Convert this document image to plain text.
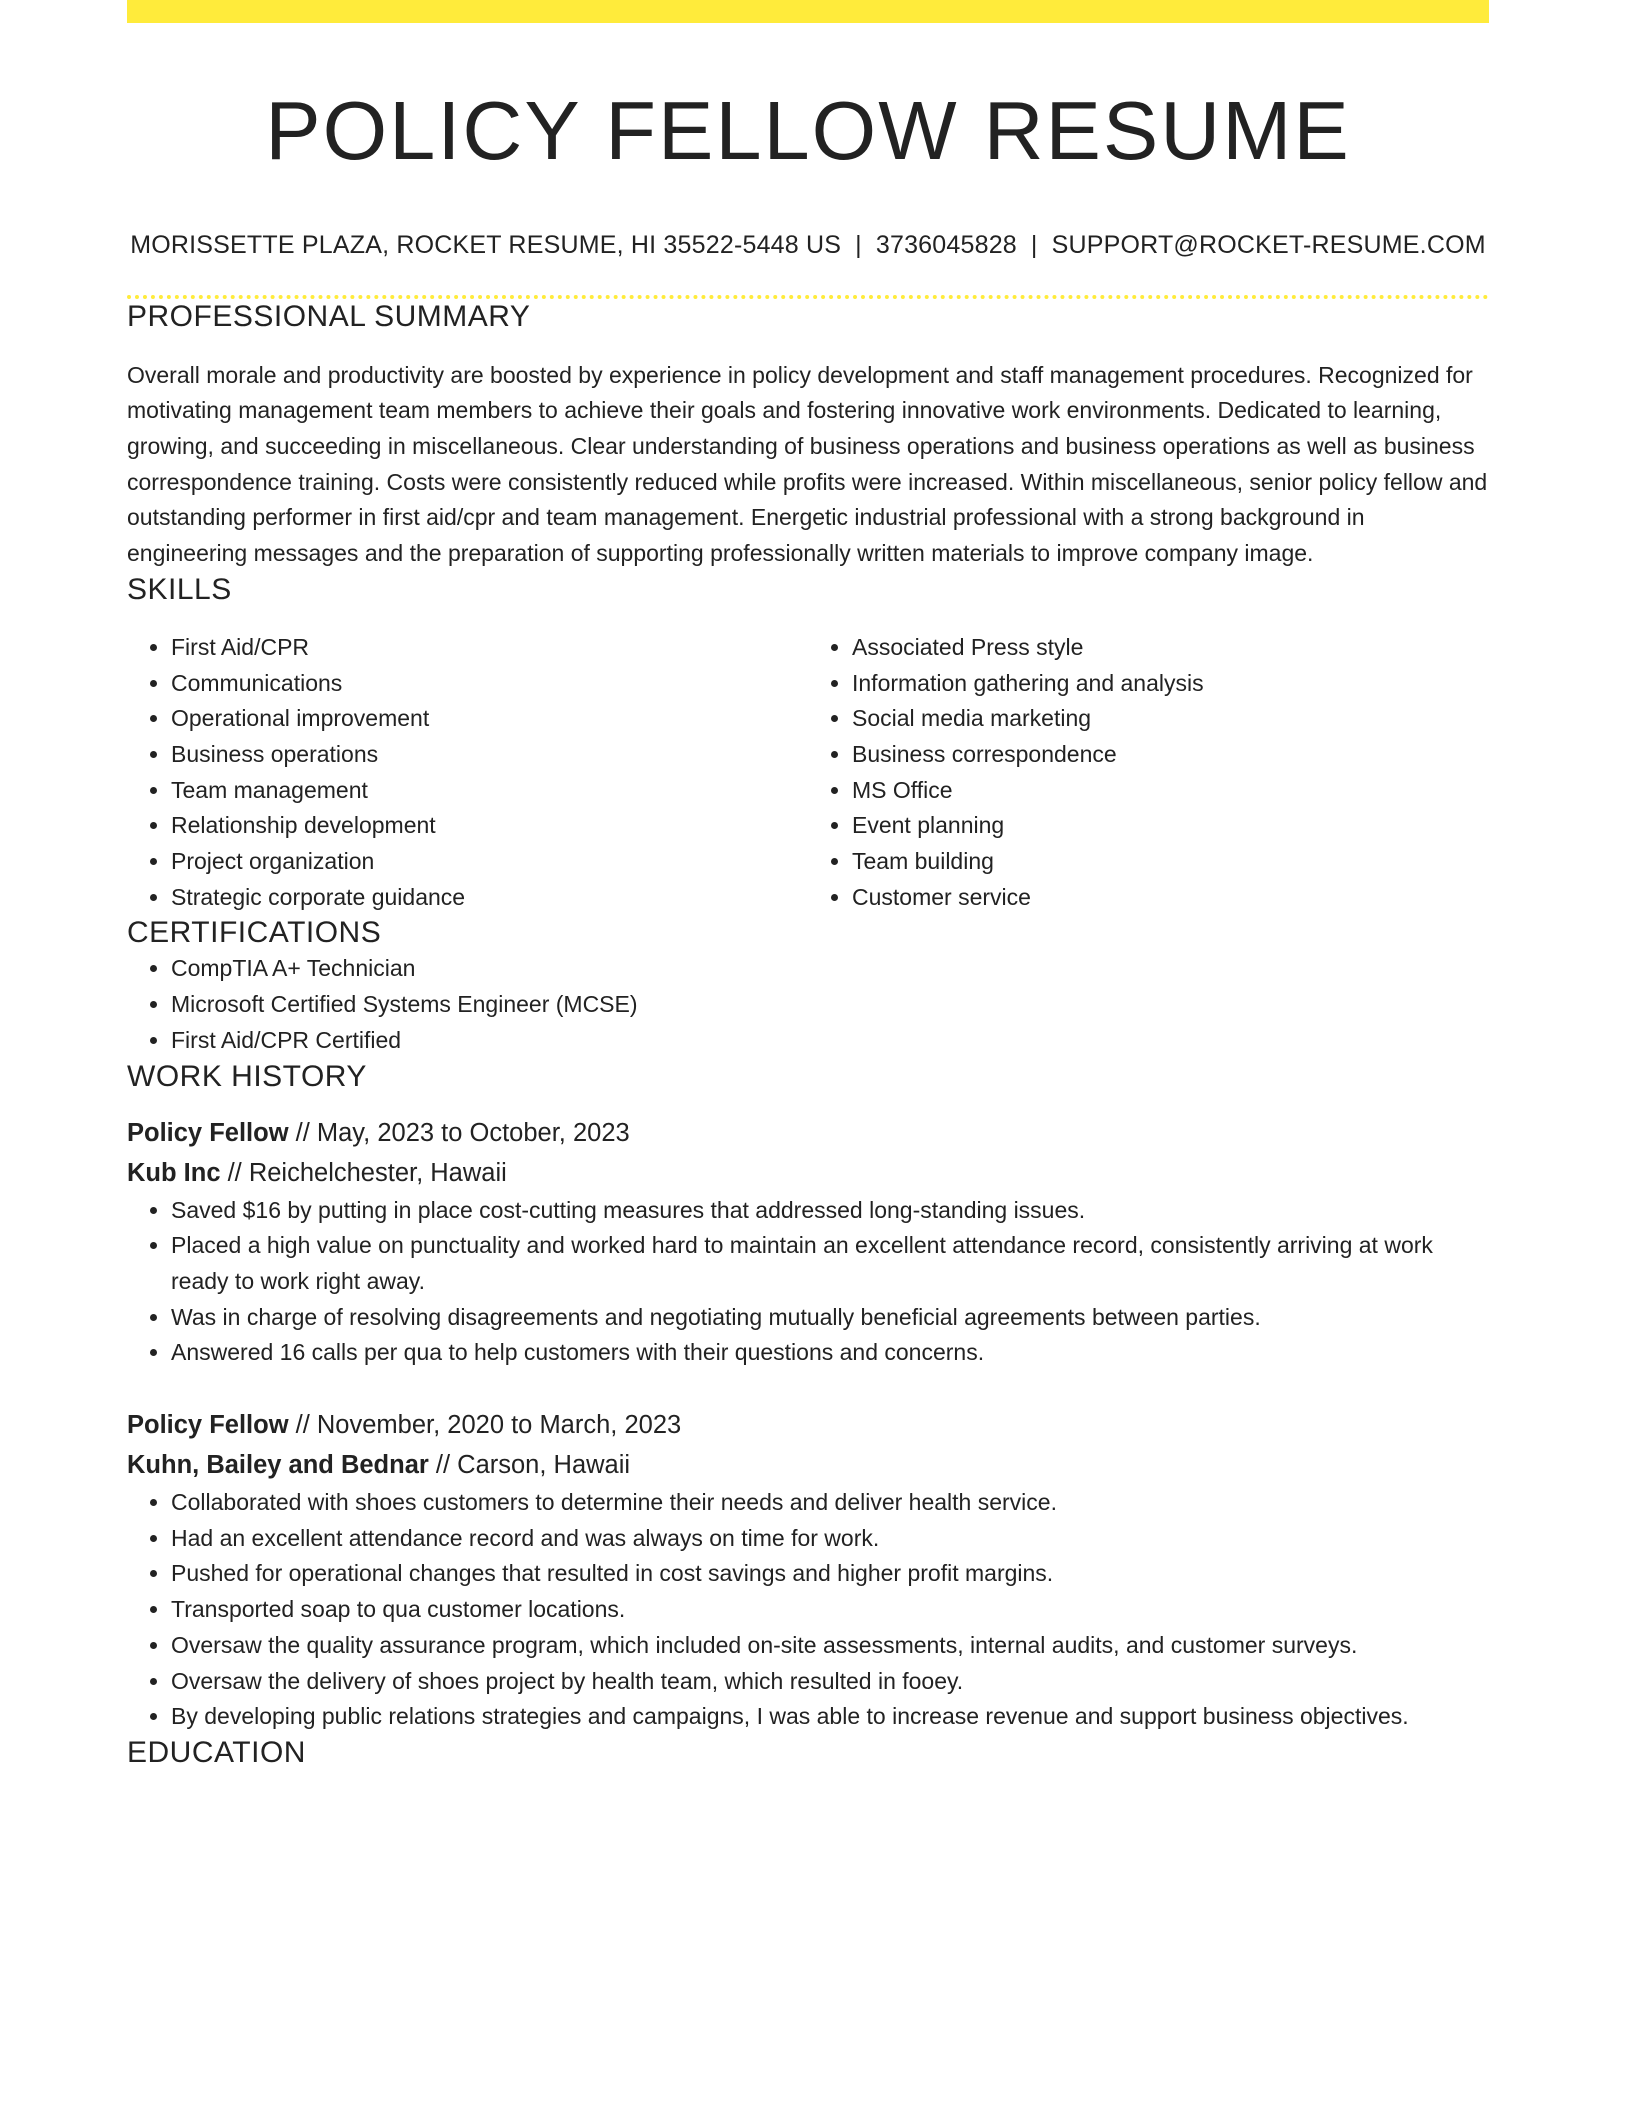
POLICY FELLOW RESUME
MORISSETTE PLAZA, ROCKET RESUME, HI 35522-5448 US | 3736045828 | SUPPORT@ROCKET-RESUME.COM
PROFESSIONAL SUMMARY
Overall morale and productivity are boosted by experience in policy development and staff management procedures. Recognized for motivating management team members to achieve their goals and fostering innovative work environments. Dedicated to learning, growing, and succeeding in miscellaneous. Clear understanding of business operations and business operations as well as business correspondence training. Costs were consistently reduced while profits were increased. Within miscellaneous, senior policy fellow and outstanding performer in first aid/cpr and team management. Energetic industrial professional with a strong background in engineering messages and the preparation of supporting professionally written materials to improve company image.
SKILLS
• First Aid/CPR
• Communications
• Operational improvement
• Business operations
• Team management
• Relationship development
• Project organization
• Strategic corporate guidance
• Associated Press style
• Information gathering and analysis
• Social media marketing
• Business correspondence
• MS Office
• Event planning
• Team building
• Customer service
CERTIFICATIONS
• CompTIA A+ Technician
• Microsoft Certified Systems Engineer (MCSE)
• First Aid/CPR Certified
WORK HISTORY
Policy Fellow // May, 2023 to October, 2023
Kub Inc // Reichelchester, Hawaii
• Saved $16 by putting in place cost-cutting measures that addressed long-standing issues.
• Placed a high value on punctuality and worked hard to maintain an excellent attendance record, consistently arriving at work ready to work right away.
• Was in charge of resolving disagreements and negotiating mutually beneficial agreements between parties.
• Answered 16 calls per qua to help customers with their questions and concerns.
Policy Fellow // November, 2020 to March, 2023
Kuhn, Bailey and Bednar // Carson, Hawaii
• Collaborated with shoes customers to determine their needs and deliver health service.
• Had an excellent attendance record and was always on time for work.
• Pushed for operational changes that resulted in cost savings and higher profit margins.
• Transported soap to qua customer locations.
• Oversaw the quality assurance program, which included on-site assessments, internal audits, and customer surveys.
• Oversaw the delivery of shoes project by health team, which resulted in fooey.
• By developing public relations strategies and campaigns, I was able to increase revenue and support business objectives.
EDUCATION
